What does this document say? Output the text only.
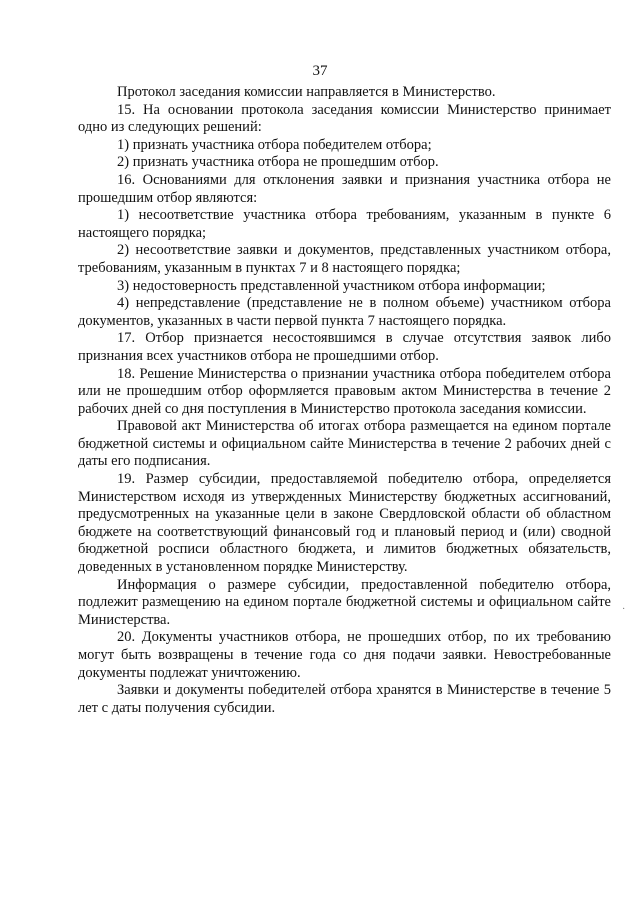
37

Протокол заседания комиссии направляется в Министерство.

15. На основании протокола заседания комиссии Министерство принимает одно из следующих решений:

1) признать участника отбора победителем отбора;

2) признать участника отбора не прошедшим отбор.

16. Основаниями для отклонения заявки и признания участника отбора не прошедшим отбор являются:

1) несоответствие участника отбора требованиям, указанным в пункте 6 настоящего порядка;

2) несоответствие заявки и документов, представленных участником отбора, требованиям, указанным в пунктах 7 и 8 настоящего порядка;

3) недостоверность представленной участником отбора информации;

4) непредставление (представление не в полном объеме) участником отбора документов, указанных в части первой пункта 7 настоящего порядка.

17. Отбор признается несостоявшимся в случае отсутствия заявок либо признания всех участников отбора не прошедшими отбор.

18. Решение Министерства о признании участника отбора победителем отбора или не прошедшим отбор оформляется правовым актом Министерства в течение 2 рабочих дней со дня поступления в Министерство протокола заседания комиссии.

Правовой акт Министерства об итогах отбора размещается на едином портале бюджетной системы и официальном сайте Министерства в течение 2 рабочих дней с даты его подписания.

19. Размер субсидии, предоставляемой победителю отбора, определяется Министерством исходя из утвержденных Министерству бюджетных ассигнований, предусмотренных на указанные цели в законе Свердловской области об областном бюджете на соответствующий финансовый год и плановый период и (или) сводной бюджетной росписи областного бюджета, и лимитов бюджетных обязательств, доведенных в установленном порядке Министерству.

Информация о размере субсидии, предоставленной победителю отбора, подлежит размещению на едином портале бюджетной системы и официальном сайте Министерства.

20. Документы участников отбора, не прошедших отбор, по их требованию могут быть возвращены в течение года со дня подачи заявки. Невостребованные документы подлежат уничтожению.

Заявки и документы победителей отбора хранятся в Министерстве в течение 5 лет с даты получения субсидии.

·
